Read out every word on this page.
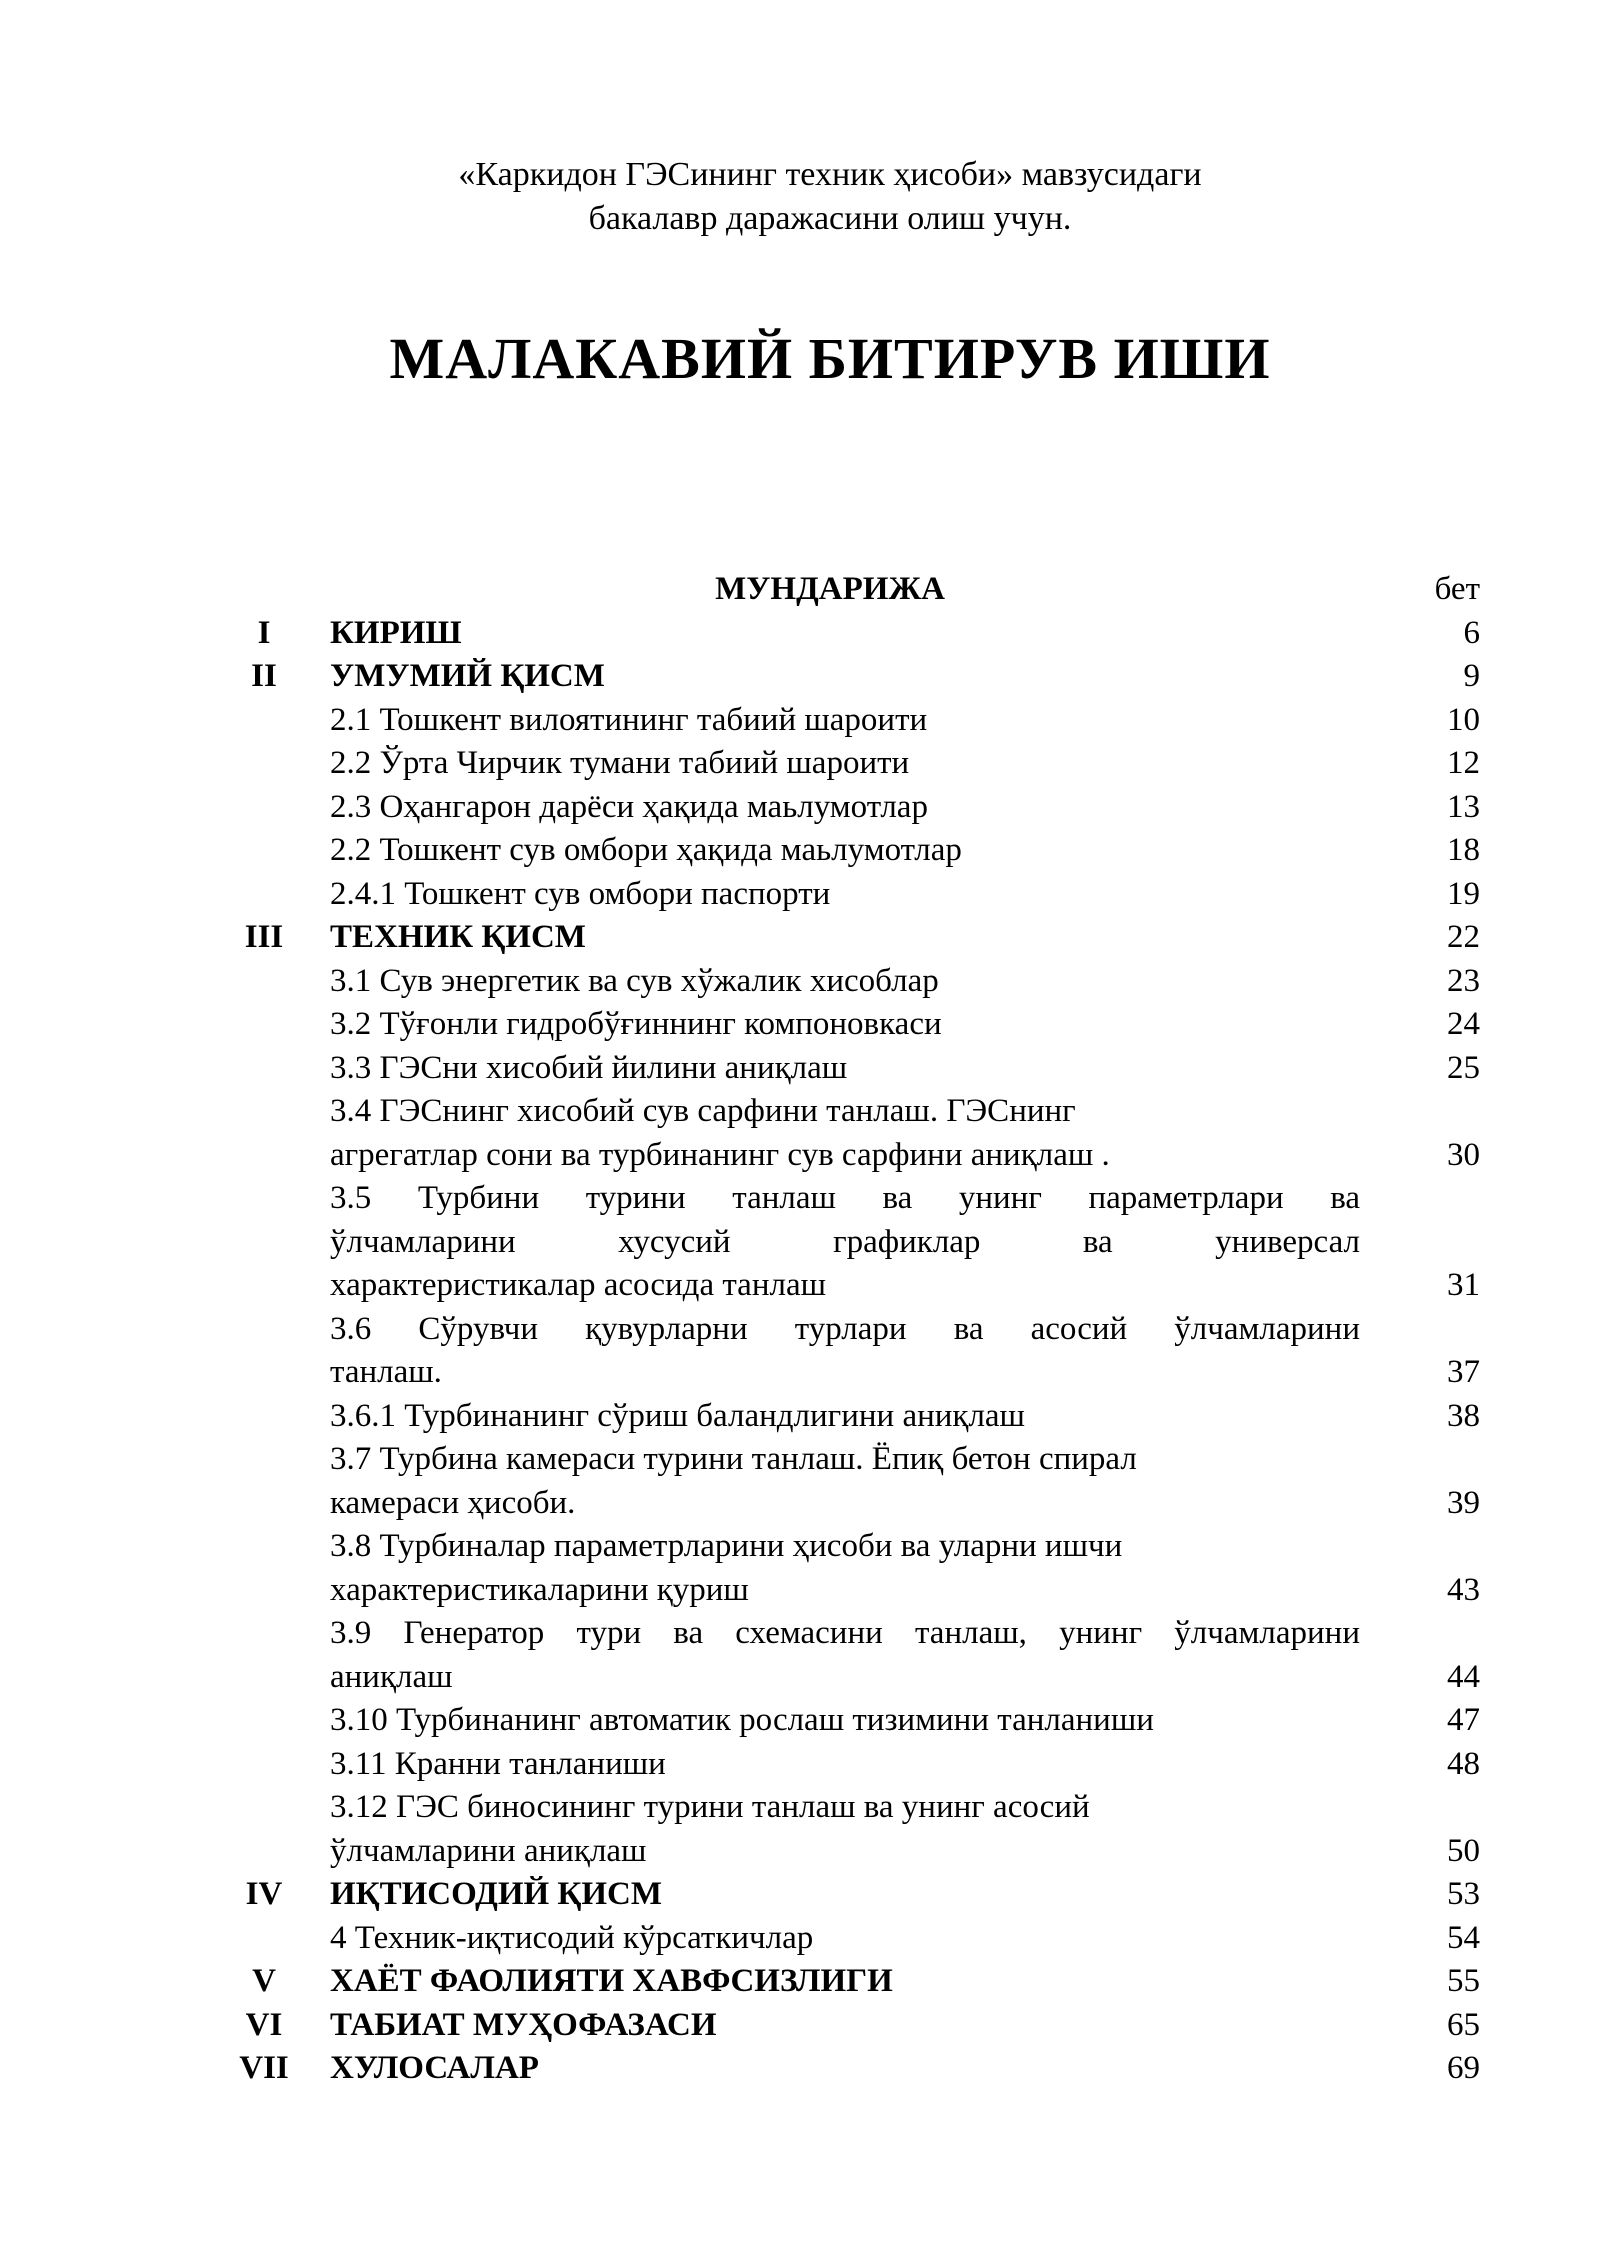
«Каркидон ГЭСининг техник ҳисоби» мавзусидаги
бакалавр даражасини олиш учун.
МАЛАКАВИЙ БИТИРУВ ИШИ
МУНДАРИЖА	бет
I	КИРИШ	6
II	УМУМИЙ ҚИСМ	9
2.1 Тошкент вилоятининг табиий шароити	10
2.2 Ўрта Чирчик тумани табиий шароити	12
2.3 Оҳангарон дарёси ҳақида маьлумотлар	13
2.2 Тошкент сув омбори ҳақида маьлумотлар	18
2.4.1 Тошкент сув омбори паспорти	19
III	ТЕХНИК ҚИСМ	22
3.1 Сув энергетик ва сув хўжалик хисоблар	23
3.2 Тўғонли гидробўғиннинг компоновкаси	24
3.3 ГЭСни хисобий йилини аниқлаш	25
3.4 ГЭСнинг хисобий сув сарфини танлаш. ГЭСнинг
агрегатлар сони ва турбинанинг сув сарфини аниқлаш .	30
3.5 Турбини турини танлаш ва унинг параметрлари ва
ўлчамларини хусусий графиклар ва универсал
характеристикалар асосида танлаш	31
3.6 Сўрувчи қувурларни турлари ва асосий ўлчамларини
танлаш.	37
3.6.1 Турбинанинг сўриш баландлигини аниқлаш	38
3.7 Турбина камераси турини танлаш. Ёпиқ бетон спирал
камераси ҳисоби.	39
3.8 Турбиналар параметрларини ҳисоби ва уларни ишчи
характеристикаларини қуриш	43
3.9 Генератор тури ва схемасини танлаш, унинг ўлчамларини
аниқлаш	44
3.10 Турбинанинг автоматик рослаш тизимини танланиши	47
3.11 Кранни танланиши	48
3.12 ГЭС биносининг турини танлаш ва унинг асосий
ўлчамларини аниқлаш	50
IV	ИҚТИСОДИЙ ҚИСМ	53
4 Техник-иқтисодий кўрсаткичлар	54
V	ХАЁТ ФАОЛИЯТИ ХАВФСИЗЛИГИ	55
VI	ТАБИАТ МУҲОФАЗАСИ	65
VII	ХУЛОСАЛАР	69
